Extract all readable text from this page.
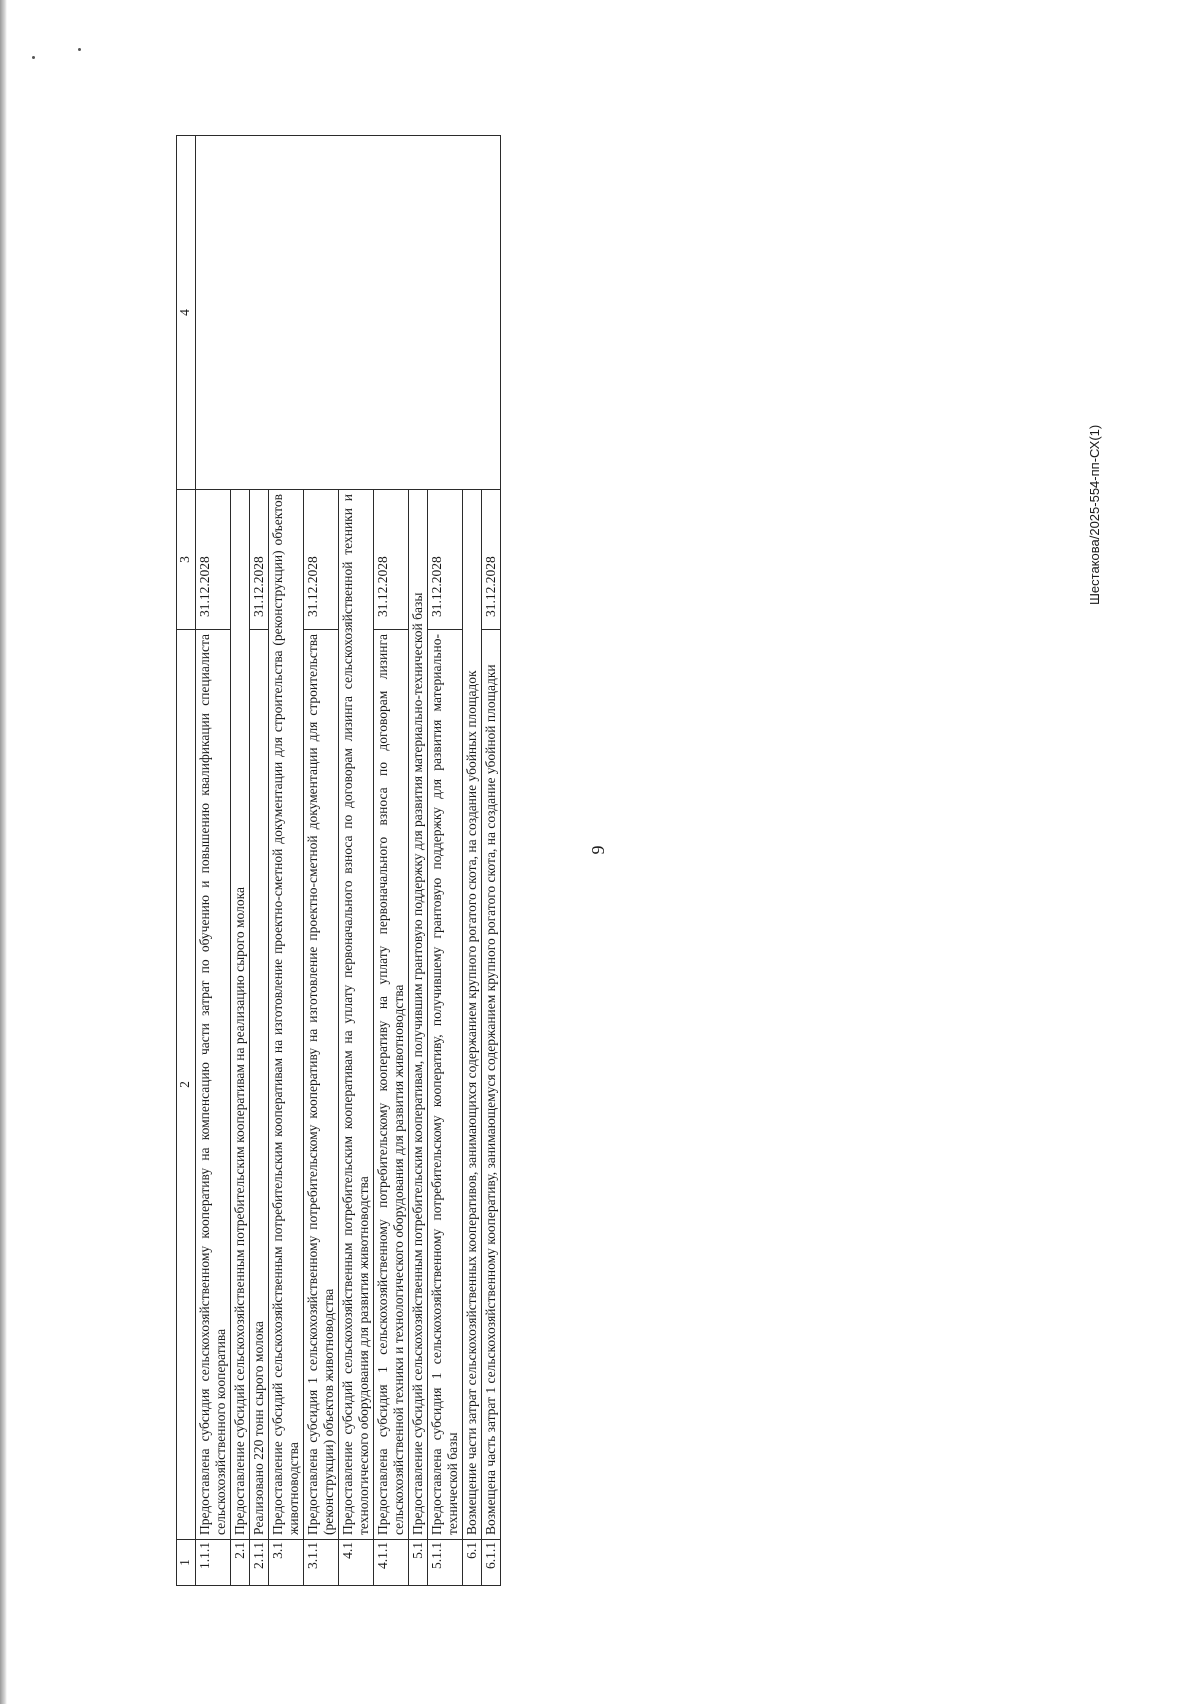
9
Шестакова/2025-554-пп-СХ(1)
1	2	3	4
1.1.1	Предоставлена субсидия сельскохозяйственному кооперативу на компенсацию части затрат по обучению и повышению квалификации специалиста сельскохозяйственного кооператива	31.12.2028	
2.1	Предоставление субсидий сельскохозяйственным потребительским кооперативам на реализацию сырого молока		
2.1.1	Реализовано 220 тонн сырого молока	31.12.2028	
3.1	Предоставление субсидий сельскохозяйственным потребительским кооперативам на изготовление проектно-сметной документации для строительства (реконструкции) объектов животноводства		
3.1.1	Предоставлена субсидия 1 сельскохозяйственному потребительскому кооперативу на изготовление проектно-сметной документации для строительства (реконструкции) объектов животноводства	31.12.2028	
4.1	Предоставление субсидий сельскохозяйственным потребительским кооперативам на уплату первоначального взноса по договорам лизинга сельскохозяйственной техники и технологического оборудования для развития животноводства		
4.1.1	Предоставлена субсидия 1 сельскохозяйственному потребительскому кооперативу на уплату первоначального взноса по договорам лизинга сельскохозяйственной техники и технологического оборудования для развития животноводства	31.12.2028	
5.1	Предоставление субсидий сельскохозяйственным потребительским кооперативам, получившим грантовую поддержку для развития материально-технической базы		
5.1.1	Предоставлена субсидия 1 сельскохозяйственному потребительскому кооперативу, получившему грантовую поддержку для развития материально-технической базы	31.12.2028	
6.1	Возмещение части затрат сельскохозяйственных кооперативов, занимающихся содержанием крупного рогатого скота, на создание убойных площадок		
6.1.1	Возмещена часть затрат 1 сельскохозяйственному кооперативу, занимающемуся содержанием крупного рогатого скота, на создание убойной площадки	31.12.2028	
